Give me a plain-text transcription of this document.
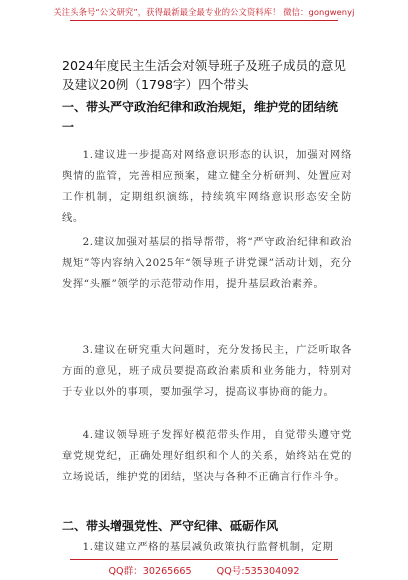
关注头条号“公文研究”，获得最新最全最专业的公文资料库！ 微信：gongwenyj
2024年度民主生活会对领导班子及班子成员的意见及建议20例（1798字）四个带头
一、带头严守政治纪律和政治规矩，维护党的团结统
一
1.建议进一步提高对网络意识形态的认识，加强对网络舆情的监管，完善相应预案，建立健全分析研判、处置应对工作机制，定期组织演练，持续筑牢网络意识形态安全防线。
2.建议加强对基层的指导帮带，将“严守政治纪律和政治规矩”等内容纳入2025年“领导班子讲党课”活动计划，充分发挥“头雁”领学的示范带动作用，提升基层政治素养。
3.建议在研究重大问题时，充分发扬民主，广泛听取各方面的意见，班子成员要提高政治素质和业务能力，特别对于专业以外的事项，要加强学习，提高议事协商的能力。
4.建议领导班子发挥好模范带头作用，自觉带头遵守党章党规党纪，正确处理好组织和个人的关系，始终站在党的立场说话，维护党的团结，坚决与各种不正确言行作斗争。
二、带头增强党性、严守纪律、砥砺作风
1.建议建立严格的基层减负政策执行监督机制，定期
QQ群：30265665 QQ号:535304092
